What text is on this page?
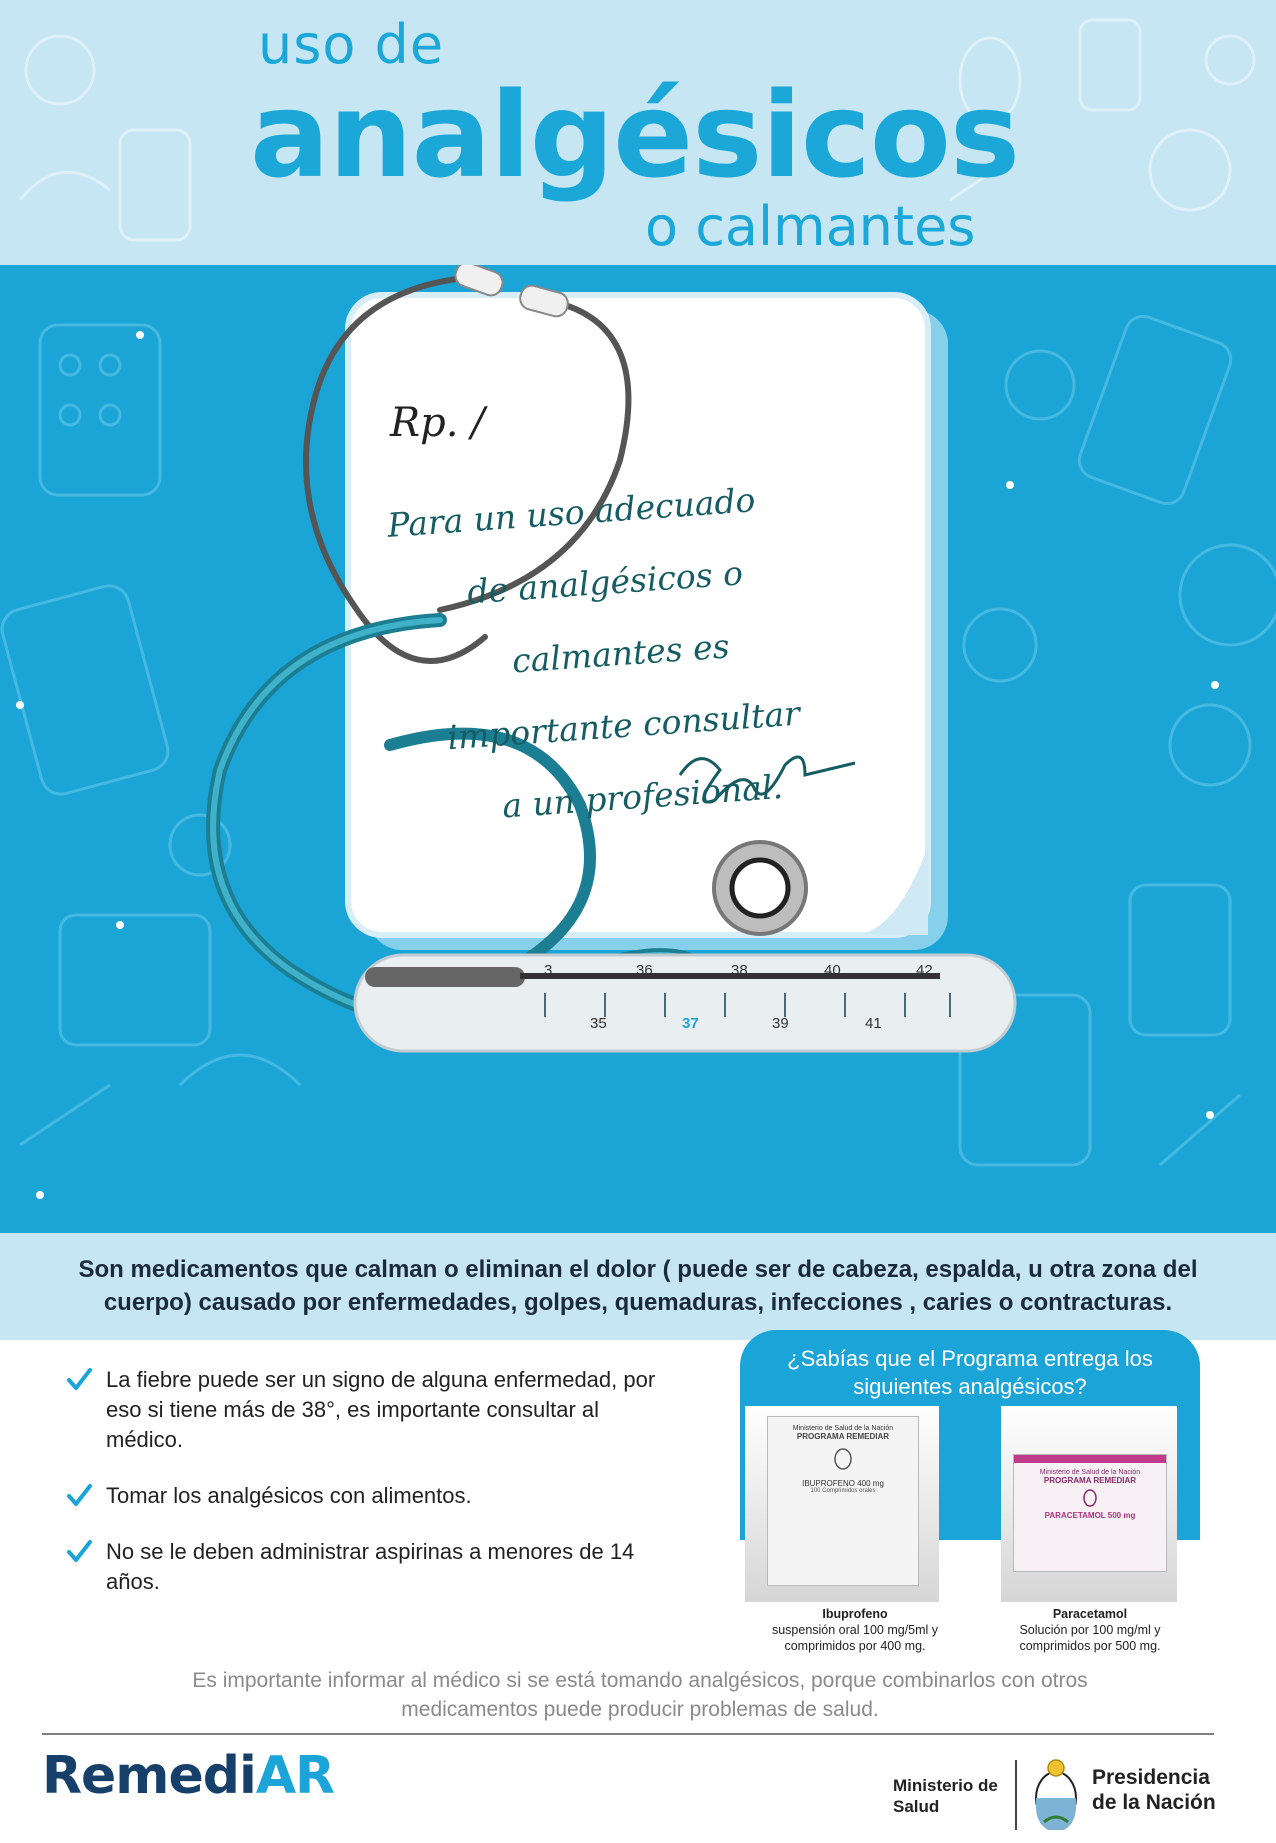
uso de
analgésicos
o calmantes
3	36	38	40	42
35	37	39	41
Rp. /
Para un uso adecuado
de analgésicos o
calmantes es
importante consultar
a un profesional.
Son medicamentos que calman o eliminan el dolor ( puede ser de cabeza, espalda, u otra zona del cuerpo) causado por enfermedades, golpes, quemaduras, infecciones , caries o contracturas.
La fiebre puede ser un signo de alguna enfermedad, por eso si tiene más de 38°, es importante consultar al médico.
Tomar los analgésicos con alimentos.
No se le deben administrar aspirinas a menores de 14 años.
¿Sabías que el Programa entrega los siguientes analgésicos?
Ministerio de Salud de la Nación
PROGRAMA REMEDIAR
IBUPROFENO 400 mg
100 Comprimidos orales
Ministerio de Salud de la Nación
PROGRAMA REMEDIAR
PARACETAMOL 500 mg
Ibuprofeno
suspensión oral 100 mg/5ml y
comprimidos por 400 mg.
Paracetamol
Solución por 100 mg/ml y
comprimidos por 500 mg.
Es importante informar al médico si se está tomando analgésicos, porque combinarlos con otros medicamentos puede producir problemas de salud.
RemediAR	Ministerio de
Salud
Presidencia
de la Nación
